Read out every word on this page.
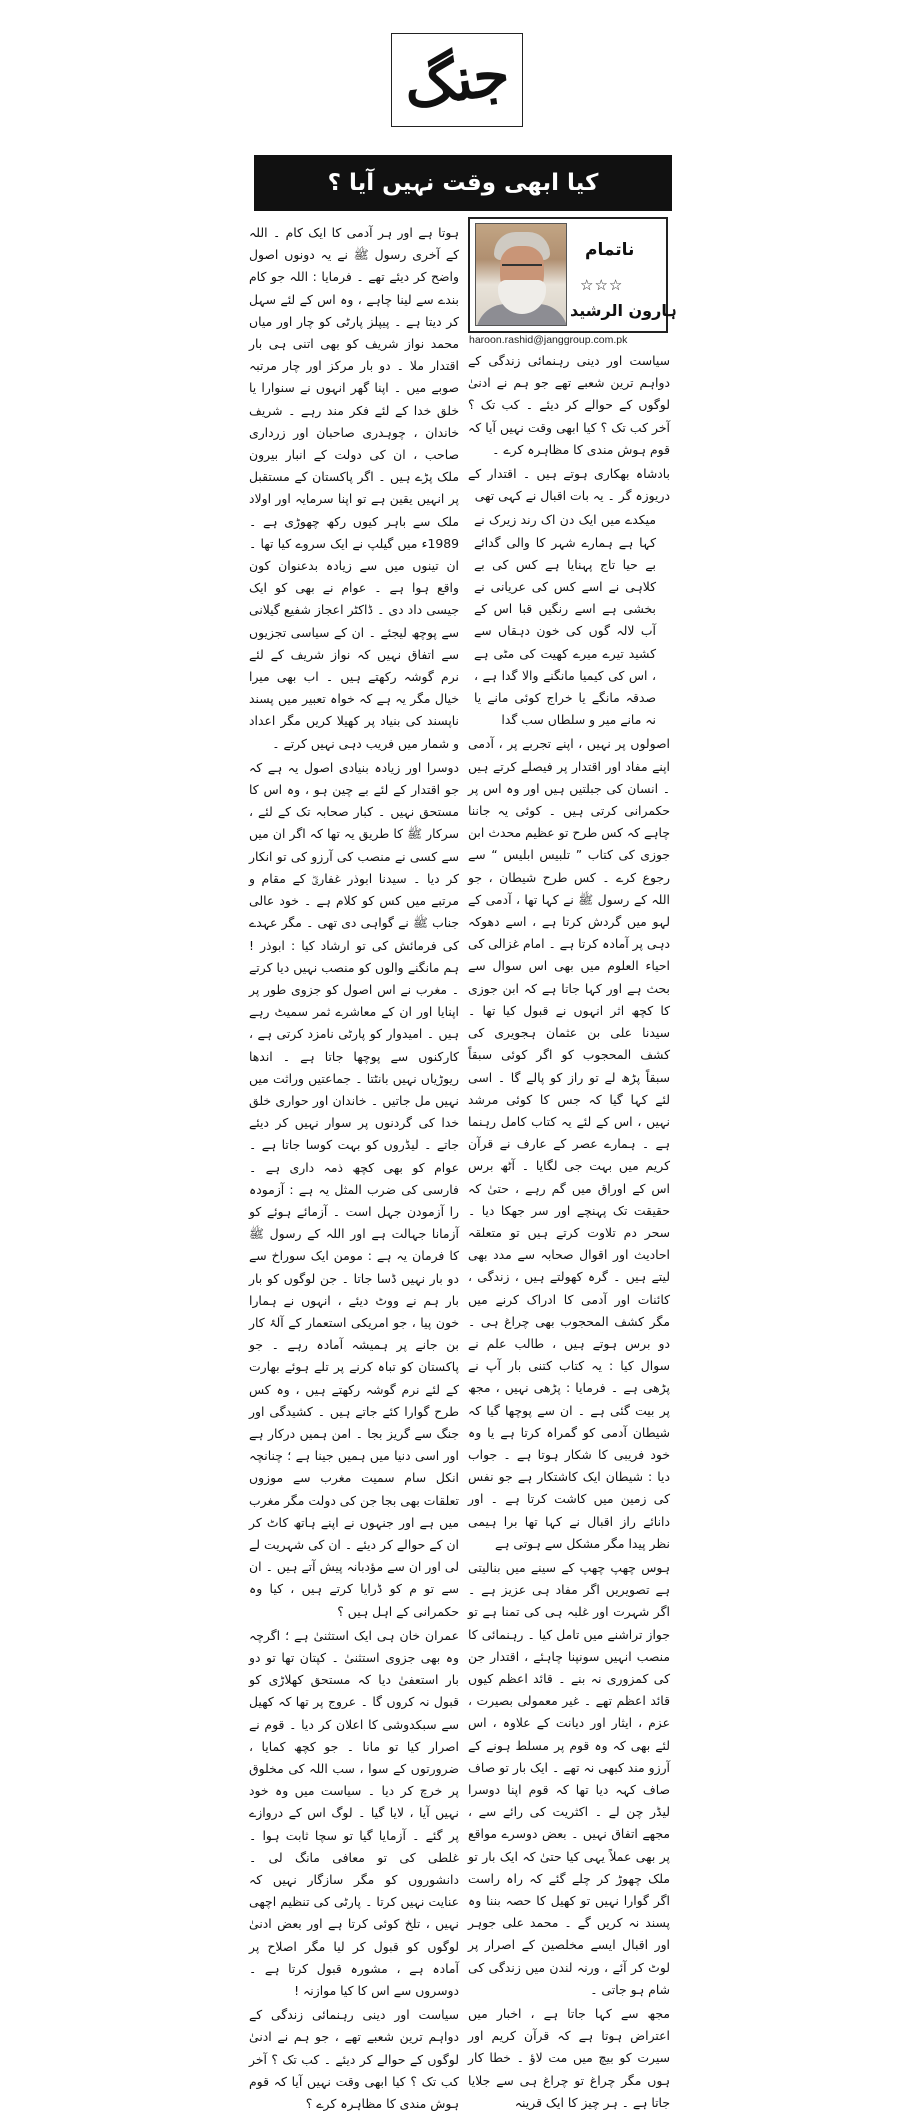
جنگ
کیا ابھی وقت نہیں آیا ؟
ناتمام
☆☆☆
ہارون الرشید
haroon.rashid@janggroup.com.pk

سیاست اور دینی رہنمائی زندگی کے دواہم ترین شعبے تھے جو ہم نے ادنیٰ لوگوں کے حوالے کر دیئے ۔ کب تک ؟ آخر کب تک ؟ کیا ابھی وقت نہیں آیا کہ قوم ہوش مندی کا مظاہرہ کرے ۔

بادشاہ بھکاری ہوتے ہیں ۔ اقتدار کے دریوزہ گر ۔ یہ بات اقبال نے کہی تھی

میکدے میں ایک دن اک رند زیرک نے کہا ہے ہمارے شہر کا والی گدائے بے حیا تاج پہنایا ہے کس کی بے کلاہی نے اسے کس کی عریانی نے بخشی ہے اسے رنگیں قبا اس کے آب لالہ گوں کی خون دہقاں سے کشید تیرے میرے کھیت کی مٹی ہے ، اس کی کیمیا مانگنے والا گدا ہے ، صدقہ مانگے یا خراج کوئی مانے یا نہ مانے میر و سلطاں سب گدا

اصولوں پر نہیں ، اپنے تجربے پر ، آدمی اپنے مفاد اور اقتدار پر فیصلے کرتے ہیں ۔ انسان کی جبلتیں ہیں اور وہ اس پر حکمرانی کرتی ہیں ۔ کوئی یہ جاننا چاہے کہ کس طرح تو عظیم محدث ابن جوزی کی کتاب ” تلبیس ابلیس “ سے رجوع کرے ۔ کس طرح شیطان ، جو اللہ کے رسول ﷺ نے کہا تھا ، آدمی کے لہو میں گردش کرتا ہے ، اسے دھوکہ دہی پر آمادہ کرتا ہے ۔ امام غزالی کی احیاء العلوم میں بھی اس سوال سے بحث ہے اور کہا جاتا ہے کہ ابن جوزی کا کچھ اثر انہوں نے قبول کیا تھا ۔ سیدنا علی بن عثمان ہجویری کی کشف المحجوب کو اگر کوئی سبقاً سبقاً پڑھ لے تو راز کو پالے گا ۔ اسی لئے کہا گیا کہ جس کا کوئی مرشد نہیں ، اس کے لئے یہ کتاب کامل رہنما ہے ۔ ہمارے عصر کے عارف نے قرآن کریم میں بہت جی لگایا ۔ آٹھ برس اس کے اوراق میں گم رہے ، حتیٰ کہ حقیقت تک پہنچے اور سر جھکا دیا ۔ سحر دم تلاوت کرتے ہیں تو متعلقہ احادیث اور اقوال صحابہ سے مدد بھی لیتے ہیں ۔ گرہ کھولتے ہیں ، زندگی ، کائنات اور آدمی کا ادراک کرنے میں مگر کشف المحجوب بھی چراغ ہی ۔ دو برس ہوتے ہیں ، طالب علم نے سوال کیا : یہ کتاب کتنی بار آپ نے پڑھی ہے ۔ فرمایا : پڑھی نہیں ، مجھ پر بیت گئی ہے ۔ ان سے پوچھا گیا کہ شیطان آدمی کو گمراہ کرتا ہے یا وہ خود فریبی کا شکار ہوتا ہے ۔ جواب دیا : شیطان ایک کاشتکار ہے جو نفس کی زمین میں کاشت کرتا ہے ۔ اور دانائے راز اقبال نے کہا تھا برا ہیمی نظر پیدا مگر مشکل سے ہوتی ہے

ہوس چھپ چھپ کے سینے میں بنالیتی ہے تصویریں اگر مفاد ہی عزیز ہے ۔ اگر شہرت اور غلبہ ہی کی تمنا ہے تو جواز تراشنے میں تامل کیا ۔ رہنمائی کا منصب انہیں سونپنا چاہئے ، اقتدار جن کی کمزوری نہ بنے ۔ قائد اعظم کیوں قائد اعظم تھے ۔ غیر معمولی بصیرت ، عزم ، ایثار اور دیانت کے علاوہ ، اس لئے بھی کہ وہ قوم پر مسلط ہونے کے آرزو مند کبھی نہ تھے ۔ ایک بار تو صاف صاف کہہ دیا تھا کہ قوم اپنا دوسرا لیڈر چن لے ۔ اکثریت کی رائے سے ، مجھے اتفاق نہیں ۔ بعض دوسرے مواقع پر بھی عملاً یہی کیا حتیٰ کہ ایک بار تو ملک چھوڑ کر چلے گئے کہ راہ راست اگر گوارا نہیں تو کھیل کا حصہ بننا وہ پسند نہ کریں گے ۔ محمد علی جوہر اور اقبال ایسے مخلصین کے اصرار پر لوٹ کر آئے ، ورنہ لندن میں زندگی کی شام ہو جاتی ۔

مجھ سے کہا جاتا ہے ، اخبار میں اعتراض ہوتا ہے کہ قرآن کریم اور سیرت کو بیچ میں مت لاؤ ۔ خطا کار ہوں مگر چراغ تو چراغ ہی سے جلایا جاتا ہے ۔ ہر چیز کا ایک قرینہ

ہوتا ہے اور ہر آدمی کا ایک کام ۔ اللہ کے آخری رسول ﷺ نے یہ دونوں اصول واضح کر دیئے تھے ۔ فرمایا : اللہ جو کام بندے سے لینا چاہے ، وہ اس کے لئے سہل کر دیتا ہے ۔ پیپلز پارٹی کو چار اور میاں محمد نواز شریف کو بھی اتنی ہی بار اقتدار ملا ۔ دو بار مرکز اور چار مرتبہ صوبے میں ۔ اپنا گھر انہوں نے سنوارا یا خلق خدا کے لئے فکر مند رہے ۔ شریف خاندان ، چوہدری صاحبان اور زرداری صاحب ، ان کی دولت کے انبار بیرون ملک پڑے ہیں ۔ اگر پاکستان کے مستقبل پر انہیں یقین ہے تو اپنا سرمایہ اور اولاد ملک سے باہر کیوں رکھ چھوڑی ہے ۔ 1989ء میں گیلپ نے ایک سروے کیا تھا ۔ ان تینوں میں سے زیادہ بدعنوان کون واقع ہوا ہے ۔ عوام نے بھی کو ایک جیسی داد دی ۔ ڈاکٹر اعجاز شفیع گیلانی سے پوچھ لیجئے ۔ ان کے سیاسی تجزیوں سے اتفاق نہیں کہ نواز شریف کے لئے نرم گوشہ رکھتے ہیں ۔ اب بھی میرا خیال مگر یہ ہے کہ خواہ تعبیر میں پسند ناپسند کی بنیاد پر کھیلا کریں مگر اعداد و شمار میں فریب دہی نہیں کرتے ۔

دوسرا اور زیادہ بنیادی اصول یہ ہے کہ جو اقتدار کے لئے بے چین ہو ، وہ اس کا مستحق نہیں ۔ کبار صحابہ تک کے لئے ، سرکار ﷺ کا طریق یہ تھا کہ اگر ان میں سے کسی نے منصب کی آرزو کی تو انکار کر دیا ۔ سیدنا ابوذر غفاریؓ کے مقام و مرتبے میں کس کو کلام ہے ۔ خود عالی جناب ﷺ نے گواہی دی تھی ۔ مگر عہدے کی فرمائش کی تو ارشاد کیا : ابوذر ! ہم مانگنے والوں کو منصب نہیں دیا کرتے ۔ مغرب نے اس اصول کو جزوی طور پر اپنایا اور ان کے معاشرے ثمر سمیٹ رہے ہیں ۔ امیدوار کو پارٹی نامزد کرتی ہے ، کارکنوں سے پوچھا جاتا ہے ۔ اندھا ریوڑیاں نہیں بانٹتا ۔ جماعتیں وراثت میں نہیں مل جاتیں ۔ خاندان اور حواری خلق خدا کی گردنوں پر سوار نہیں کر دیئے جاتے ۔ لیڈروں کو بہت کوسا جاتا ہے ۔ عوام کو بھی کچھ ذمہ داری ہے ۔ فارسی کی ضرب المثل یہ ہے : آزمودہ را آزمودن جہل است ۔ آزمائے ہوئے کو آزمانا جہالت ہے اور اللہ کے رسول ﷺ کا فرمان یہ ہے : مومن ایک سوراخ سے دو بار نہیں ڈسا جاتا ۔ جن لوگوں کو بار بار ہم نے ووٹ دیئے ، انہوں نے ہمارا خون پیا ، جو امریکی استعمار کے آلۂ کار بن جانے پر ہمیشہ آمادہ رہے ۔ جو پاکستان کو تباہ کرنے پر تلے ہوئے بھارت کے لئے نرم گوشہ رکھتے ہیں ، وہ کس طرح گوارا کئے جاتے ہیں ۔ کشیدگی اور جنگ سے گریز بجا ۔ امن ہمیں درکار ہے اور اسی دنیا میں ہمیں جینا ہے ؛ چنانچہ انکل سام سمیت مغرب سے موزوں تعلقات بھی بجا جن کی دولت مگر مغرب میں ہے اور جنہوں نے اپنے ہاتھ کاٹ کر ان کے حوالے کر دیئے ۔ ان کی شہریت لے لی اور ان سے مؤدبانہ پیش آتے ہیں ۔ ان سے تو م کو ڈرایا کرتے ہیں ، کیا وہ حکمرانی کے اہل ہیں ؟

عمران خان ہی ایک استثنیٰ ہے ؛ اگرچہ وہ بھی جزوی استثنیٰ ۔ کپتان تھا تو دو بار استعفیٰ دیا کہ مستحق کھلاڑی کو قبول نہ کروں گا ۔ عروج پر تھا کہ کھیل سے سبکدوشی کا اعلان کر دیا ۔ قوم نے اصرار کیا تو مانا ۔ جو کچھ کمایا ، ضرورتوں کے سوا ، سب اللہ کی مخلوق پر خرچ کر دیا ۔ سیاست میں وہ خود نہیں آیا ، لایا گیا ۔ لوگ اس کے دروازے پر گئے ۔ آزمایا گیا تو سچا ثابت ہوا ۔ غلطی کی تو معافی مانگ لی ۔ دانشوروں کو مگر سازگار نہیں کہ عنایت نہیں کرتا ۔ پارٹی کی تنظیم اچھی نہیں ، تلخ کوئی کرتا ہے اور بعض ادنیٰ لوگوں کو قبول کر لیا مگر اصلاح پر آمادہ ہے ، مشورہ قبول کرتا ہے ۔ دوسروں سے اس کا کیا موازنہ !

سیاست اور دینی رہنمائی زندگی کے دواہم ترین شعبے تھے ، جو ہم نے ادنیٰ لوگوں کے حوالے کر دیئے ۔ کب تک ؟ آخر کب تک ؟ کیا ابھی وقت نہیں آیا کہ قوم ہوش مندی کا مظاہرہ کرے ؟
